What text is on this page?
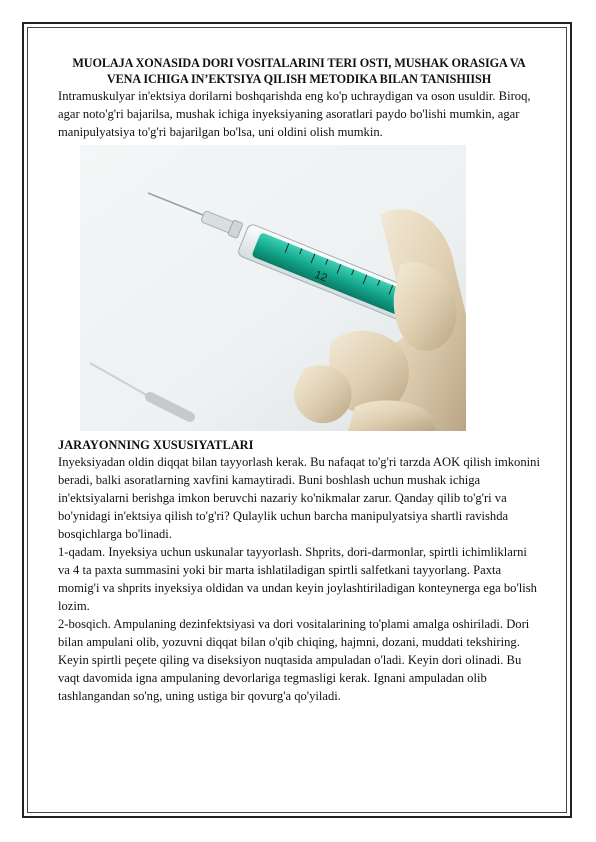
MUOLAJA XONASIDA DORI VOSITALARINI TERI OSTI, MUSHAK ORASIGA VA VENA ICHIGA IN’EKTSIYA QILISH METODIKA BILAN TANISHIISH

Intramuskulyar in'ektsiya dorilarni boshqarishda eng ko'p uchraydigan va oson usuldir. Biroq, agar noto'g'ri bajarilsa, mushak ichiga inyeksiyaning asoratlari paydo bo'lishi mumkin, agar manipulyatsiya to'g'ri bajarilgan bo'lsa, uni oldini olish mumkin.

12
JARAYONNING XUSUSIYATLARI

Inyeksiyadan oldin diqqat bilan tayyorlash kerak. Bu nafaqat to'g'ri tarzda AOK qilish imkonini beradi, balki asoratlarning xavfini kamaytiradi. Buni boshlash uchun mushak ichiga in'ektsiyalarni berishga imkon beruvchi nazariy ko'nikmalar zarur. Qanday qilib to'g'ri va bo'ynidagi in'ektsiya qilish to'g'ri? Qulaylik uchun barcha manipulyatsiya shartli ravishda bosqichlarga bo'linadi.

1-qadam. Inyeksiya uchun uskunalar tayyorlash. Shprits, dori-darmonlar, spirtli ichimliklarni va 4 ta paxta summasini yoki bir marta ishlatiladigan spirtli salfetkani tayyorlang. Paxta momig'i va shprits inyeksiya oldidan va undan keyin joylashtiriladigan konteynerga ega bo'lish lozim.

2-bosqich. Ampulaning dezinfektsiyasi va dori vositalarining to'plami amalga oshiriladi. Dori bilan ampulani olib, yozuvni diqqat bilan o'qib chiqing, hajmni, dozani, muddati tekshiring. Keyin spirtli peçete qiling va diseksiyon nuqtasida ampuladan o'ladi. Keyin dori olinadi. Bu vaqt davomida igna ampulaning devorlariga tegmasligi kerak. Ignani ampuladan olib tashlangandan so'ng, uning ustiga bir qovurg'a qo'yiladi.
